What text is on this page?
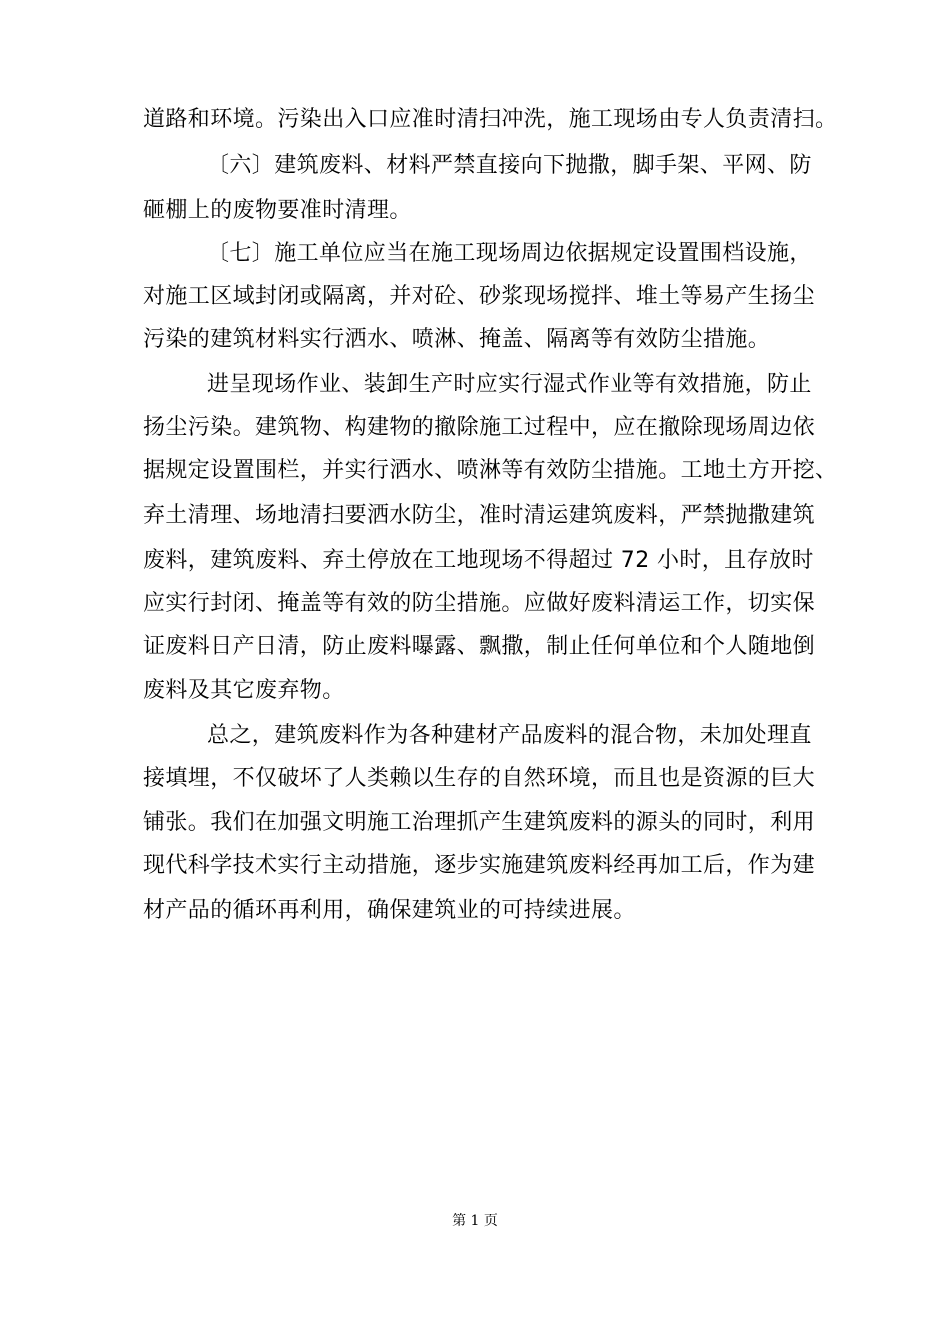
道路和环境。污染出入口应准时清扫冲洗，施工现场由专人负责清扫。
〔六〕建筑废料、材料严禁直接向下抛撒，脚手架、平网、防
砸棚上的废物要准时清理。
〔七〕施工单位应当在施工现场周边依据规定设置围档设施，
对施工区域封闭或隔离，并对砼、砂浆现场搅拌、堆土等易产生扬尘
污染的建筑材料实行洒水、喷淋、掩盖、隔离等有效防尘措施。
进呈现场作业、装卸生产时应实行湿式作业等有效措施，防止
扬尘污染。建筑物、构建物的撤除施工过程中，应在撤除现场周边依
据规定设置围栏，并实行洒水、喷淋等有效防尘措施。工地土方开挖、
弃土清理、场地清扫要洒水防尘，准时清运建筑废料，严禁抛撒建筑
废料，建筑废料、弃土停放在工地现场不得超过 72 小时，且存放时
应实行封闭、掩盖等有效的防尘措施。应做好废料清运工作，切实保
证废料日产日清，防止废料曝露、飘撒，制止任何单位和个人随地倒
废料及其它废弃物。
总之，建筑废料作为各种建材产品废料的混合物，未加处理直
接填埋，不仅破坏了人类赖以生存的自然环境，而且也是资源的巨大
铺张。我们在加强文明施工治理抓产生建筑废料的源头的同时，利用
现代科学技术实行主动措施，逐步实施建筑废料经再加工后，作为建
材产品的循环再利用，确保建筑业的可持续进展。
第 1 页
